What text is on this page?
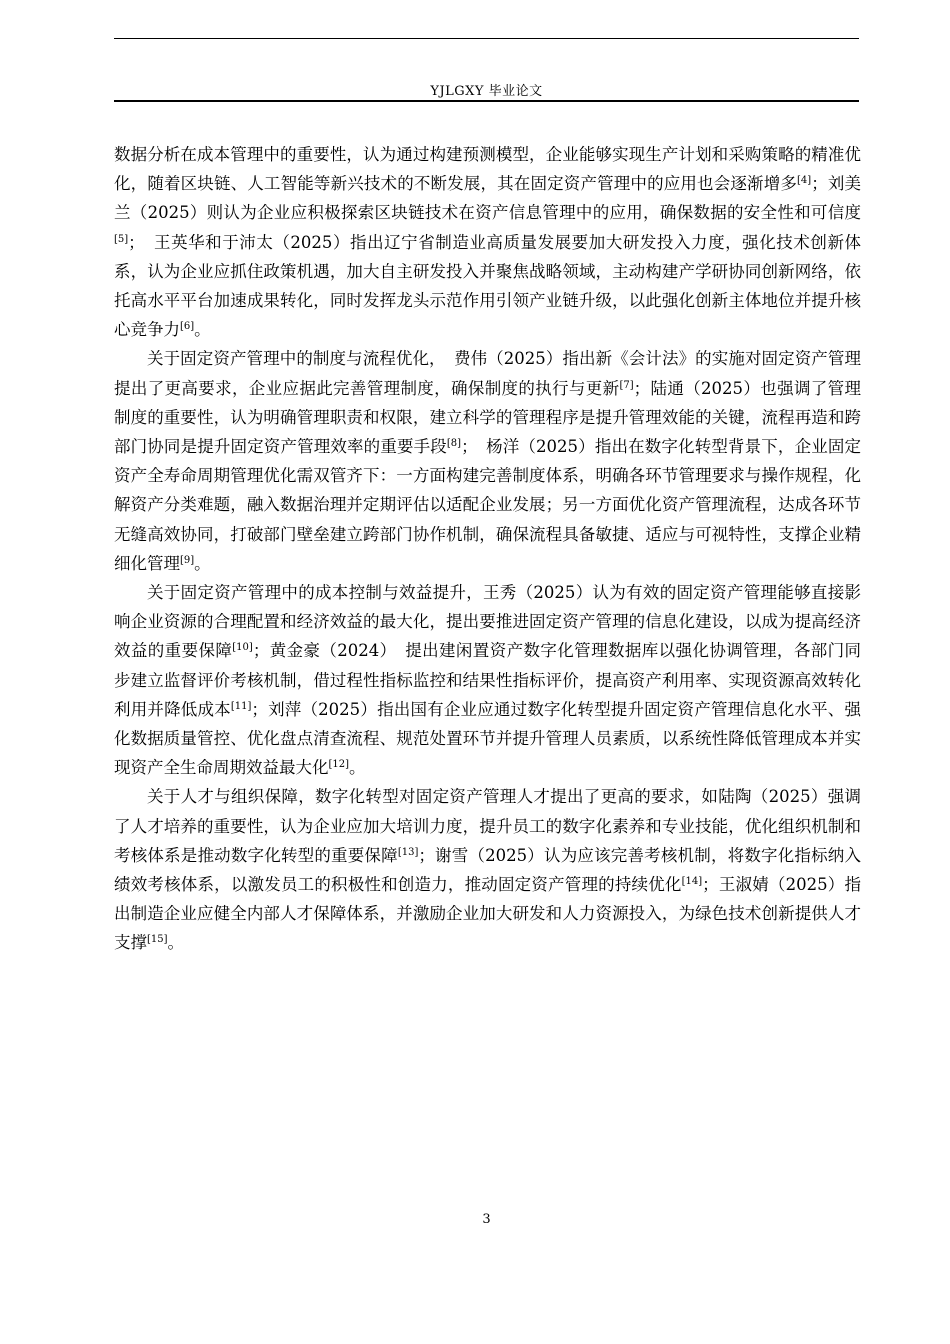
YJLGXY 毕业论文

数据分析在成本管理中的重要性，认为通过构建预测模型，企业能够实现生产计划和采购策略的精准优化，随着区块链、人工智能等新兴技术的不断发展，其在固定资产管理中的应用也会逐渐增多[4]；刘美兰（2025）则认为企业应积极探索区块链技术在资产信息管理中的应用，确保数据的安全性和可信度[5]；　王英华和于沛太（2025）指出辽宁省制造业高质量发展要加大研发投入力度，强化技术创新体系，认为企业应抓住政策机遇，加大自主研发投入并聚焦战略领域，主动构建产学研协同创新网络，依托高水平平台加速成果转化，同时发挥龙头示范作用引领产业链升级，以此强化创新主体地位并提升核心竞争力[6]。

关于固定资产管理中的制度与流程优化，　费伟（2025）指出新《会计法》的实施对固定资产管理提出了更高要求，企业应据此完善管理制度，确保制度的执行与更新[7]；陆通（2025）也强调了管理制度的重要性，认为明确管理职责和权限，建立科学的管理程序是提升管理效能的关键，流程再造和跨部门协同是提升固定资产管理效率的重要手段[8]；　杨洋（2025）指出在数字化转型背景下，企业固定资产全寿命周期管理优化需双管齐下：一方面构建完善制度体系，明确各环节管理要求与操作规程，化解资产分类难题，融入数据治理并定期评估以适配企业发展；另一方面优化资产管理流程，达成各环节无缝高效协同，打破部门壁垒建立跨部门协作机制，确保流程具备敏捷、适应与可视特性，支撑企业精细化管理[9]。

关于固定资产管理中的成本控制与效益提升，王秀（2025）认为有效的固定资产管理能够直接影响企业资源的合理配置和经济效益的最大化，提出要推进固定资产管理的信息化建设，以成为提高经济效益的重要保障[10]；黄金豪（2024）　提出建闲置资产数字化管理数据库以强化协调管理，各部门同步建立监督评价考核机制，借过程性指标监控和结果性指标评价，提高资产利用率、实现资源高效转化利用并降低成本[11]；刘萍（2025）指出国有企业应通过数字化转型提升固定资产管理信息化水平、强化数据质量管控、优化盘点清查流程、规范处置环节并提升管理人员素质，以系统性降低管理成本并实现资产全生命周期效益最大化[12]。

关于人才与组织保障，数字化转型对固定资产管理人才提出了更高的要求，如陆陶（2025）强调了人才培养的重要性，认为企业应加大培训力度，提升员工的数字化素养和专业技能，优化组织机制和考核体系是推动数字化转型的重要保障[13]；谢雪（2025）认为应该完善考核机制，将数字化指标纳入绩效考核体系，以激发员工的积极性和创造力，推动固定资产管理的持续优化[14]；王淑婧（2025）指出制造企业应健全内部人才保障体系，并激励企业加大研发和人力资源投入，为绿色技术创新提供人才支撑[15]。

3
